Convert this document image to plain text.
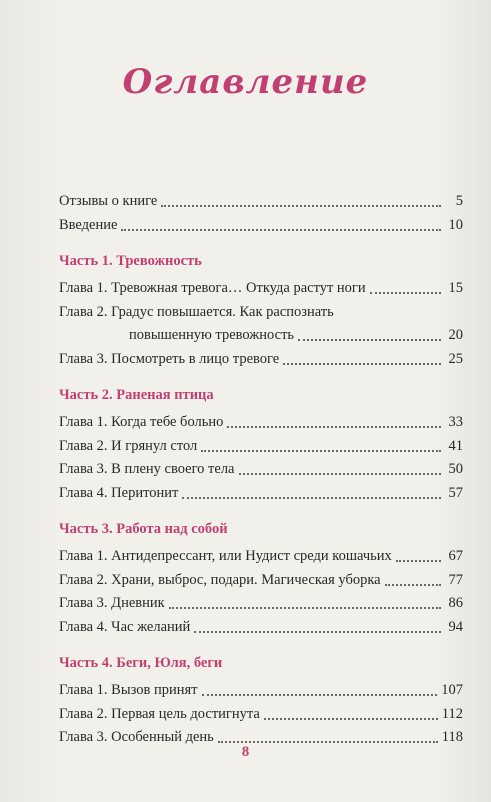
Оглавление
Отзывы о книге	5
Введение	10
Часть 1. Тревожность
Глава 1. Тревожная тревога… Откуда растут ноги	15
Глава 2. Градус повышается. Как распознать
повышенную тревожность	20
Глава 3. Посмотреть в лицо тревоге	25
Часть 2. Раненая птица
Глава 1. Когда тебе больно	33
Глава 2. И грянул стол	41
Глава 3. В плену своего тела	50
Глава 4. Перитонит	57
Часть 3. Работа над собой
Глава 1. Антидепрессант, или Нудист среди кошачьих	67
Глава 2. Храни, выброс, подари. Магическая уборка	77
Глава 3. Дневник	86
Глава 4. Час желаний	94
Часть 4. Беги, Юля, беги
Глава 1. Вызов принят	107
Глава 2. Первая цель достигнута	112
Глава 3. Особенный день	118
8
